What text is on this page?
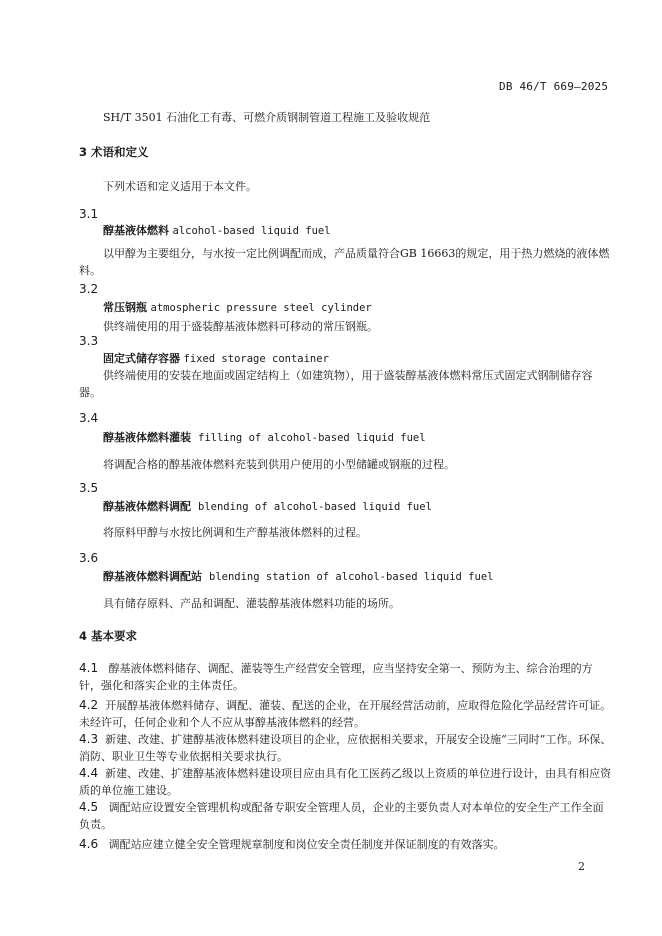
DB 46/T 669—2025
SH/T 3501 石油化工有毒、可燃介质钢制管道工程施工及验收规范
3 术语和定义
下列术语和定义适用于本文件。
3.1
醇基液体燃料 alcohol-based liquid fuel
以甲醇为主要组分，与水按一定比例调配而成，产品质量符合GB 16663的规定，用于热力燃烧的液体燃料。
3.2
常压钢瓶 atmospheric pressure steel cylinder
供终端使用的用于盛装醇基液体燃料可移动的常压钢瓶。
3.3
固定式储存容器 fixed storage container
供终端使用的安装在地面或固定结构上（如建筑物），用于盛装醇基液体燃料常压式固定式钢制储存容器。
3.4
醇基液体燃料灌装 filling of alcohol-based liquid fuel
将调配合格的醇基液体燃料充装到供用户使用的小型储罐或钢瓶的过程。
3.5
醇基液体燃料调配 blending of alcohol-based liquid fuel
将原料甲醇与水按比例调和生产醇基液体燃料的过程。
3.6
醇基液体燃料调配站 blending station of alcohol-based liquid fuel
具有储存原料、产品和调配、灌装醇基液体燃料功能的场所。
4 基本要求
4.1 醇基液体燃料储存、调配、灌装等生产经营安全管理，应当坚持安全第一、预防为主、综合治理的方针，强化和落实企业的主体责任。
4.2 开展醇基液体燃料储存、调配、灌装、配送的企业，在开展经营活动前，应取得危险化学品经营许可证。未经许可，任何企业和个人不应从事醇基液体燃料的经营。
4.3 新建、改建、扩建醇基液体燃料建设项目的企业，应依据相关要求，开展安全设施“三同时”工作。环保、消防、职业卫生等专业依据相关要求执行。
4.4 新建、改建、扩建醇基液体燃料建设项目应由具有化工医药乙级以上资质的单位进行设计，由具有相应资质的单位施工建设。
4.5 调配站应设置安全管理机构或配备专职安全管理人员，企业的主要负责人对本单位的安全生产工作全面负责。
4.6 调配站应建立健全安全管理规章制度和岗位安全责任制度并保证制度的有效落实。
2
